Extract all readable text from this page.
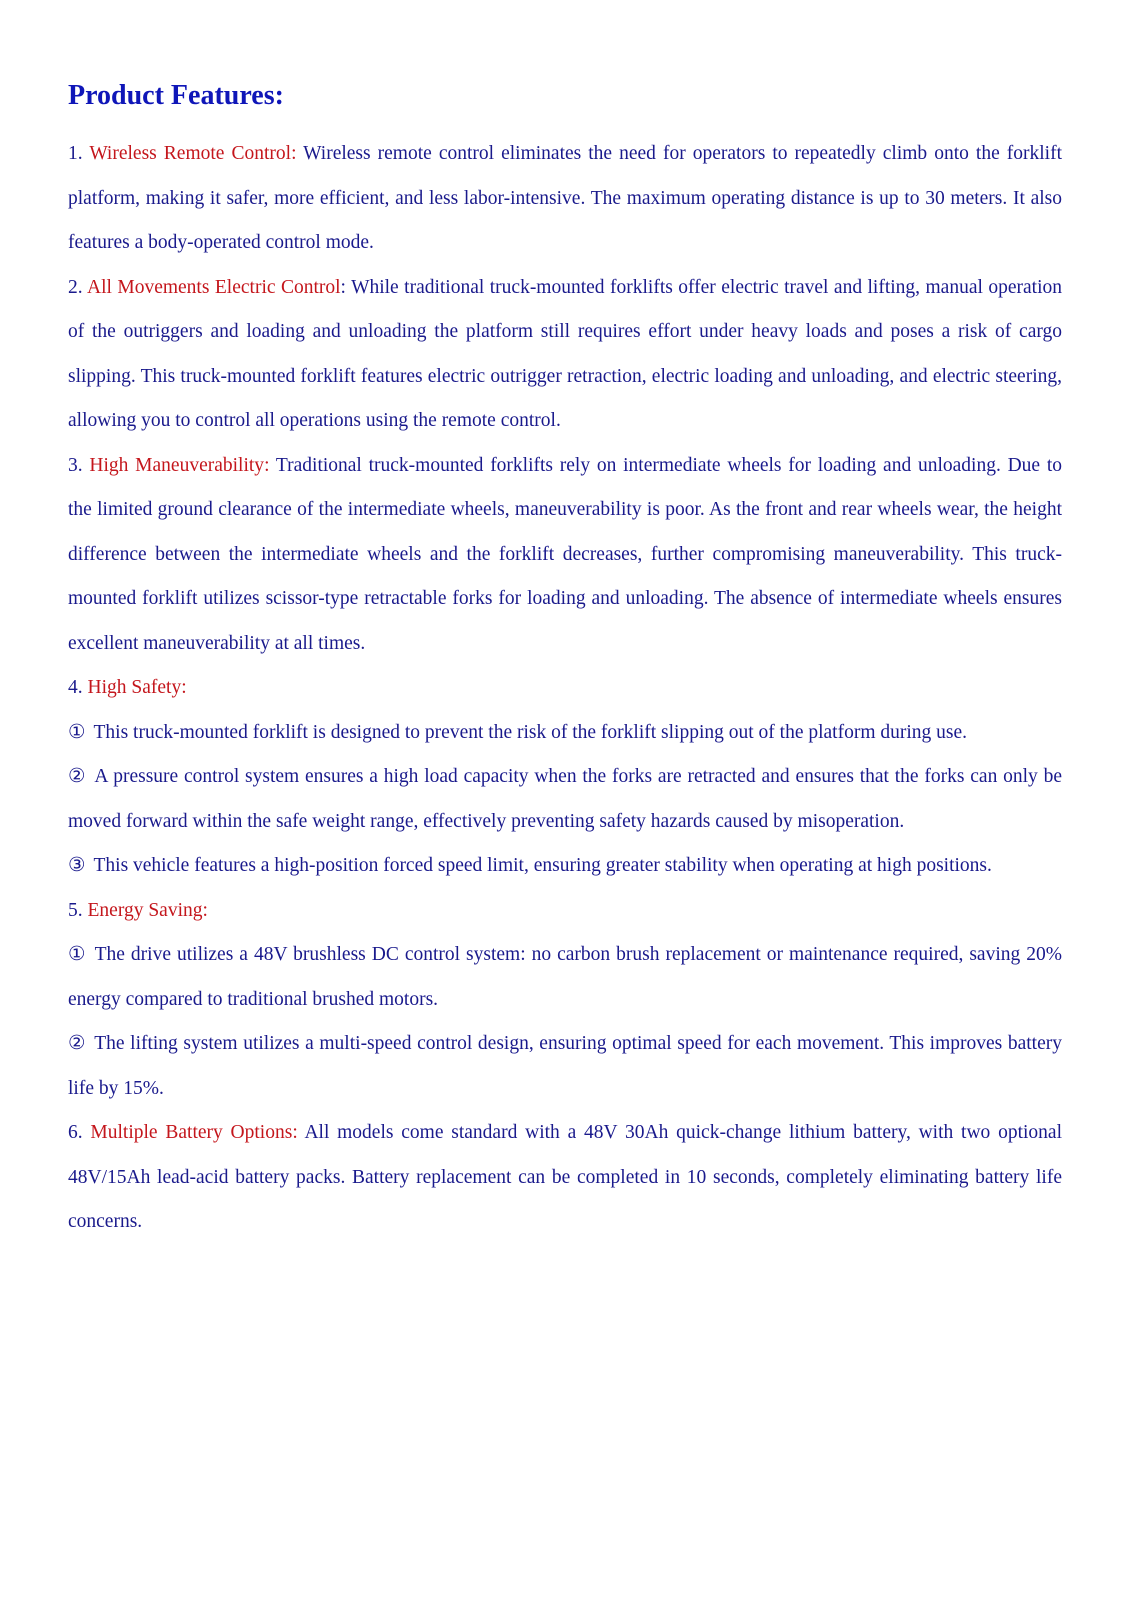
Product Features:

1. Wireless Remote Control: Wireless remote control eliminates the need for operators to repeatedly climb onto the forklift platform, making it safer, more efficient, and less labor-intensive. The maximum operating distance is up to 30 meters. It also features a body-operated control mode.

2. All Movements Electric Control: While traditional truck-mounted forklifts offer electric travel and lifting, manual operation of the outriggers and loading and unloading the platform still requires effort under heavy loads and poses a risk of cargo slipping. This truck-mounted forklift features electric outrigger retraction, electric loading and unloading, and electric steering, allowing you to control all operations using the remote control.

3. High Maneuverability: Traditional truck-mounted forklifts rely on intermediate wheels for loading and unloading. Due to the limited ground clearance of the intermediate wheels, maneuverability is poor. As the front and rear wheels wear, the height difference between the intermediate wheels and the forklift decreases, further compromising maneuverability. This truck-mounted forklift utilizes scissor-type retractable forks for loading and unloading. The absence of intermediate wheels ensures excellent maneuverability at all times.

4. High Safety:

① This truck-mounted forklift is designed to prevent the risk of the forklift slipping out of the platform during use.

② A pressure control system ensures a high load capacity when the forks are retracted and ensures that the forks can only be moved forward within the safe weight range, effectively preventing safety hazards caused by misoperation.

③ This vehicle features a high-position forced speed limit, ensuring greater stability when operating at high positions.

5. Energy Saving:

① The drive utilizes a 48V brushless DC control system: no carbon brush replacement or maintenance required, saving 20% energy compared to traditional brushed motors.

② The lifting system utilizes a multi-speed control design, ensuring optimal speed for each movement. This improves battery life by 15%.

6. Multiple Battery Options: All models come standard with a 48V 30Ah quick-change lithium battery, with two optional 48V/15Ah lead-acid battery packs. Battery replacement can be completed in 10 seconds, completely eliminating battery life concerns.
